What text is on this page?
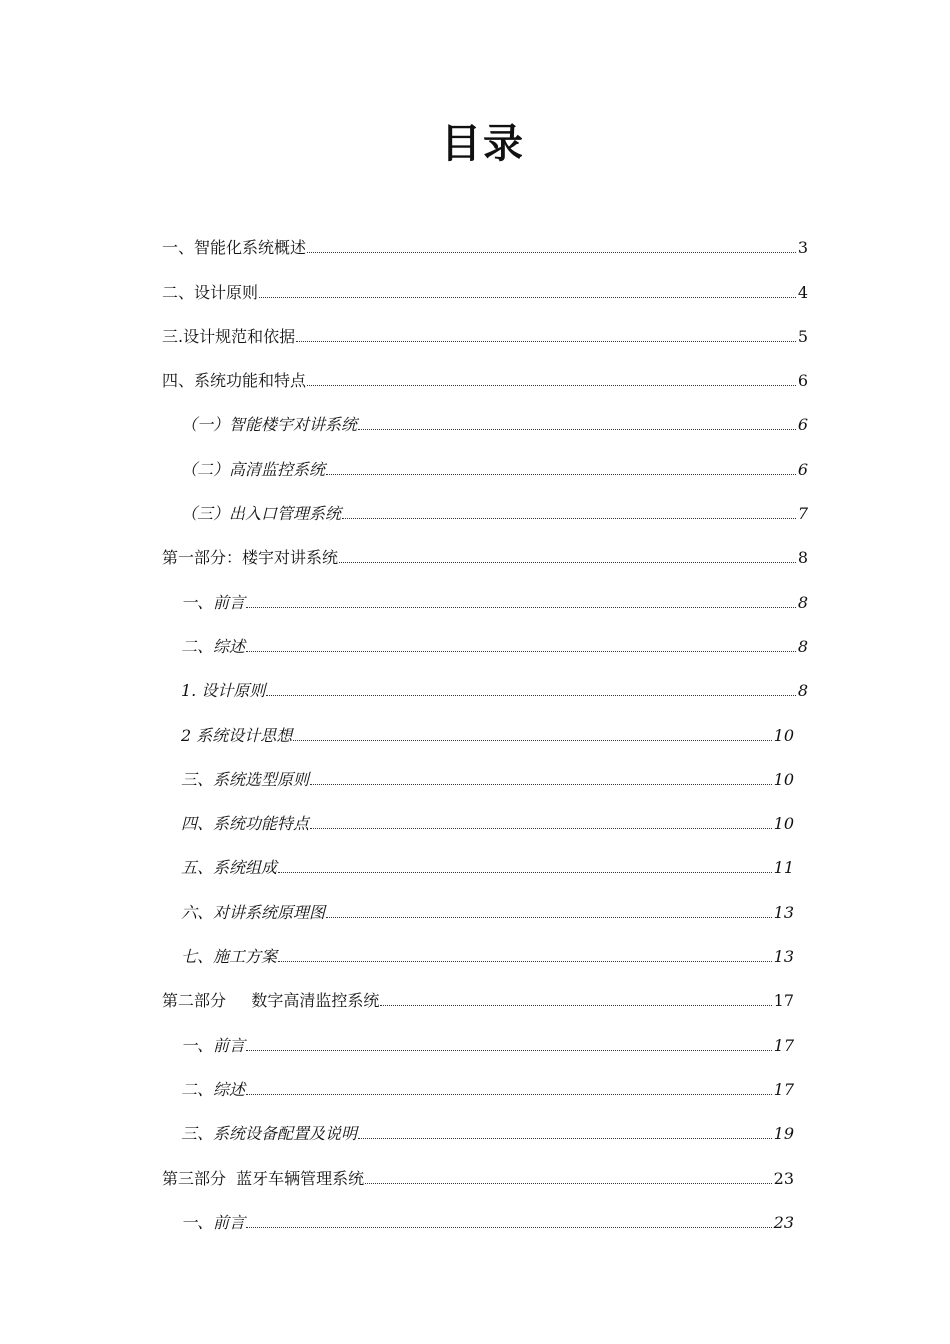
目录
一、智能化系统概述	3
二、设计原则	4
三.设计规范和依据	5
四、系统功能和特点	6
（一）智能楼宇对讲系统	6
（二）高清监控系统	6
（三）出入口管理系统	7
第一部分：楼宇对讲系统	8
一、前言	8
二、综述	8
1. 设计原则	8
2 系统设计思想	10
三、系统选型原则	10
四、系统功能特点	10
五、系统组成	11
六、对讲系统原理图	13
七、施工方案	13
第二部分     数字高清监控系统	17
一、前言	17
二、综述	17
三、系统设备配置及说明	19
第三部分  蓝牙车辆管理系统	23
一、前言	23
